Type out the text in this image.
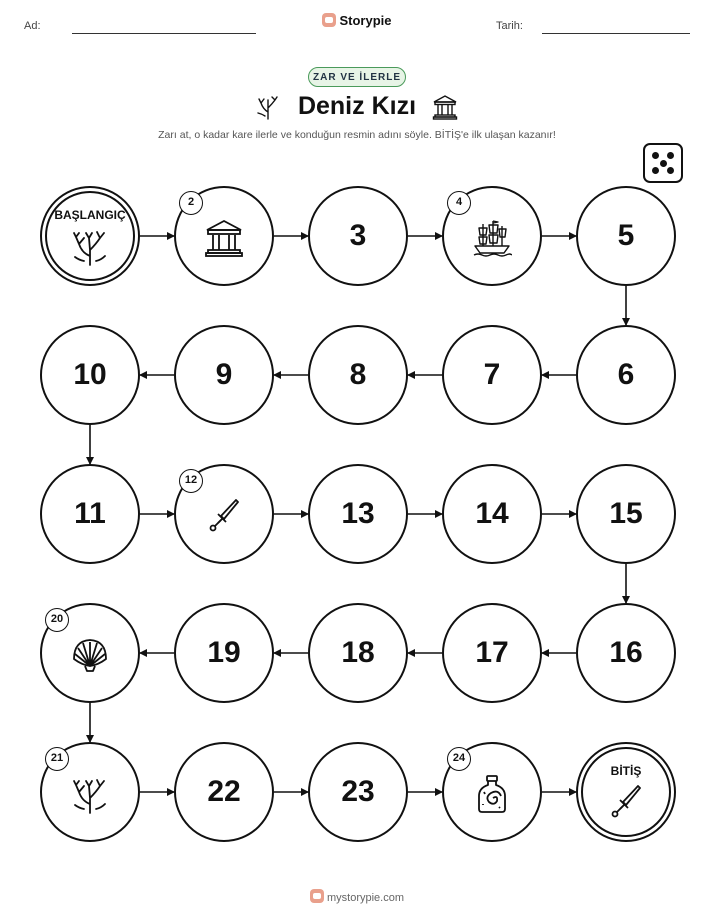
Ad:	Storypie	Tarih:
ZAR VE İLERLE
Deniz Kızı
Zarı at, o kadar kare ilerle ve konduğun resmin adını söyle. BİTİŞ'e ilk ulaşan kazanır!
BAŞLANGIÇ
2
3
4
5
6
7
8
9
10
11
12
13	14	15
16
17
18
19
20
21
22	23
24
BİTİŞ
mystorypie.com
